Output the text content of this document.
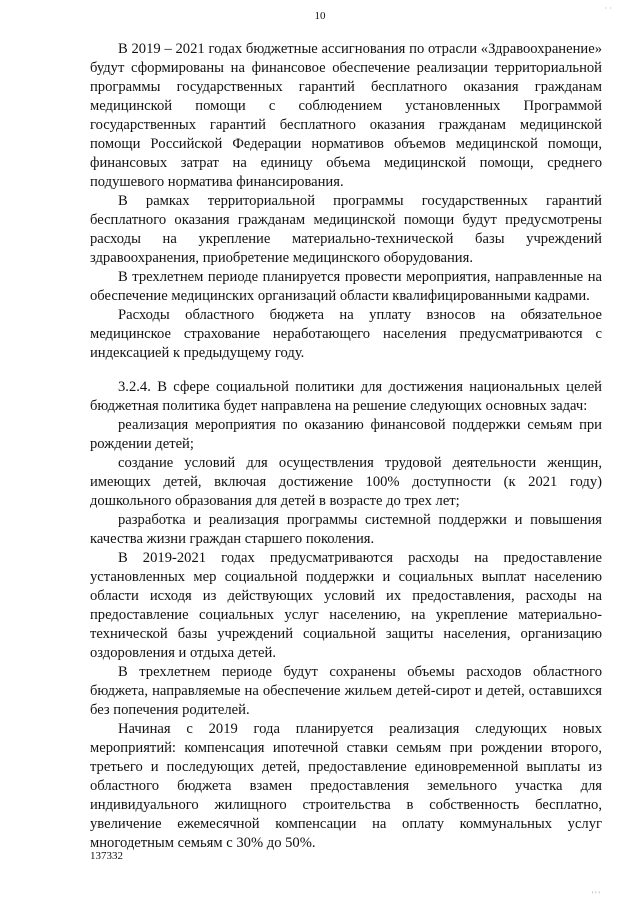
10

В 2019 – 2021 годах бюджетные ассигнования по отрасли «Здравоохранение» будут сформированы на финансовое обеспечение реализации территориальной программы государственных гарантий бесплатного оказания гражданам медицинской помощи с соблюдением установленных Программой государственных гарантий бесплатного оказания гражданам медицинской помощи Российской Федерации нормативов объемов медицинской помощи, финансовых затрат на единицу объема медицинской помощи, среднего подушевого норматива финансирования.

В рамках территориальной программы государственных гарантий бесплатного оказания гражданам медицинской помощи будут предусмотрены расходы на укрепление материально-технической базы учреждений здравоохранения, приобретение медицинского оборудования.

В трехлетнем периоде планируется провести мероприятия, направленные на обеспечение медицинских организаций области квалифицированными кадрами.

Расходы областного бюджета на уплату взносов на обязательное медицинское страхование неработающего населения предусматриваются с индексацией к предыдущему году.

3.2.4. В сфере социальной политики для достижения национальных целей бюджетная политика будет направлена на решение следующих основных задач:

реализация мероприятия по оказанию финансовой поддержки семьям при рождении детей;

создание условий для осуществления трудовой деятельности женщин, имеющих детей, включая достижение 100% доступности (к 2021 году) дошкольного образования для детей в возрасте до трех лет;

разработка и реализация программы системной поддержки и повышения качества жизни граждан старшего поколения.

В 2019-2021 годах предусматриваются расходы на предоставление установленных мер социальной поддержки и социальных выплат населению области исходя из действующих условий их предоставления, расходы на предоставление социальных услуг населению, на укрепление материально-технической базы учреждений социальной защиты населения, организацию оздоровления и отдыха детей.

В трехлетнем периоде будут сохранены объемы расходов областного бюджета, направляемые на обеспечение жильем детей-сирот и детей, оставшихся без попечения родителей.

Начиная с 2019 года планируется реализация следующих новых мероприятий: компенсация ипотечной ставки семьям при рождении второго, третьего и последующих детей, предоставление единовременной выплаты из областного бюджета взамен предоставления земельного участка для индивидуального жилищного строительства в собственность бесплатно, увеличение ежемесячной компенсации на оплату коммунальных услуг многодетным семьям с 30% до 50%.

137332
· ·
' ' '
